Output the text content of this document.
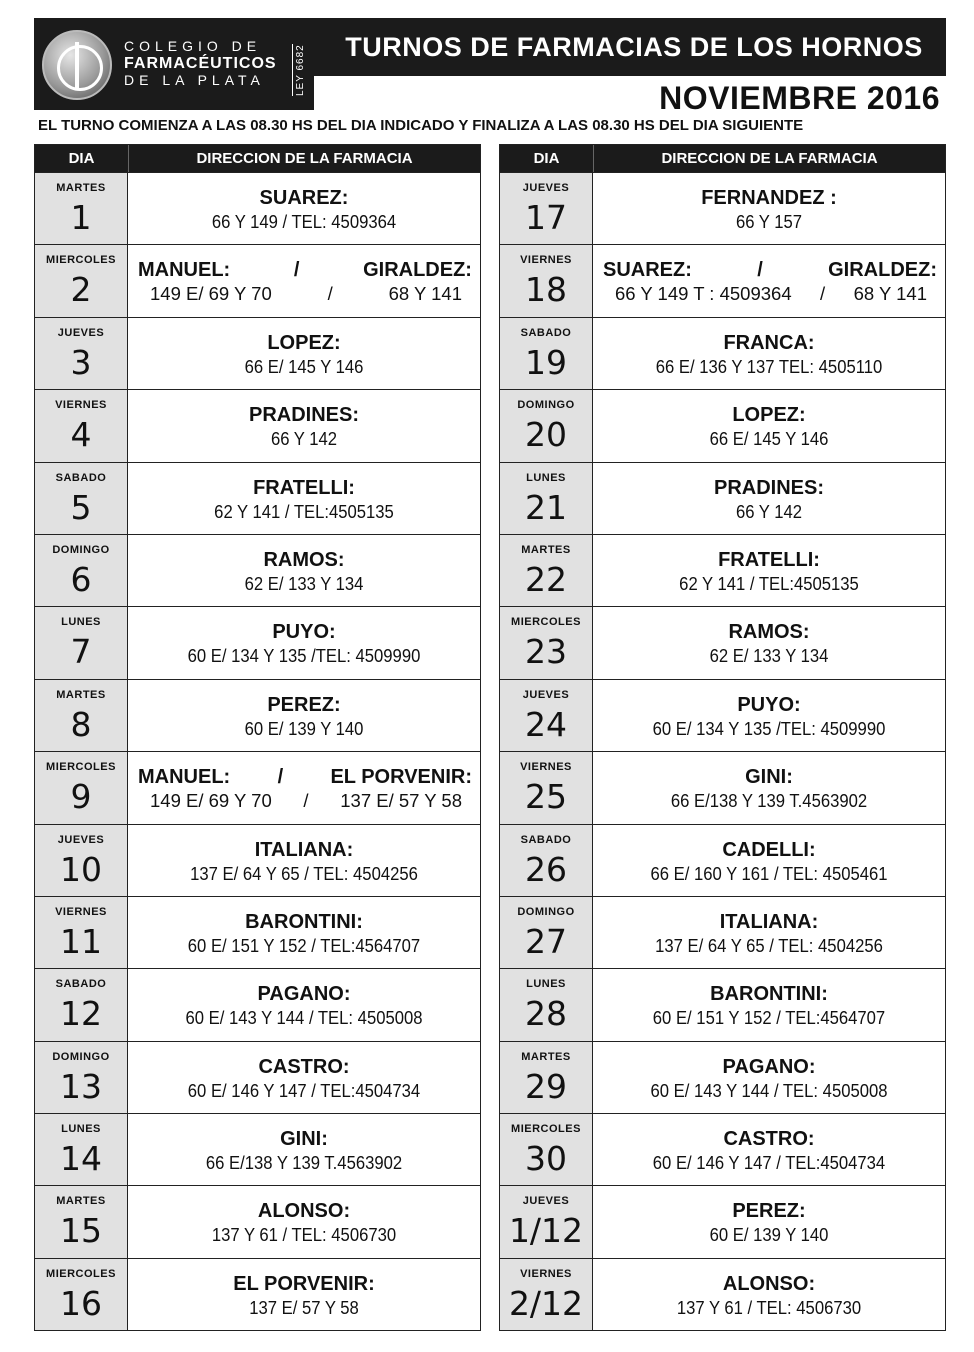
COLEGIO DE
FARMACÉUTICOS
DE LA PLATA	LEY 6682	TURNOS DE FARMACIAS DE LOS HORNOS
NOVIEMBRE 2016
EL TURNO COMIENZA A LAS 08.30 HS DEL DIA INDICADO Y FINALIZA A LAS 08.30 HS DEL DIA SIGUIENTE
DIA	DIRECCION DE LA FARMACIA
MARTES
1	SUAREZ:
66 Y 149 / TEL: 4509364
MIERCOLES
2	MANUEL:	/	GIRALDEZ:
149 E/ 69 Y 70	/	68 Y 141
JUEVES
3	LOPEZ:
66 E/ 145 Y 146
VIERNES
4	PRADINES:
66 Y 142
SABADO
5	FRATELLI:
62 Y 141 / TEL:4505135
DOMINGO
6	RAMOS:
62 E/ 133 Y 134
LUNES
7	PUYO:
60 E/ 134 Y 135 /TEL: 4509990
MARTES
8	PEREZ:
60 E/ 139 Y 140
MIERCOLES
9	MANUEL: / EL PORVENIR:
149 E/ 69 Y 70 / 137 E/ 57 Y 58
JUEVES
10	ITALIANA:
137 E/ 64 Y 65 / TEL: 4504256
VIERNES
11	BARONTINI:
60 E/ 151 Y 152 / TEL:4564707
SABADO
12	PAGANO:
60 E/ 143 Y 144 / TEL: 4505008
DOMINGO
13	CASTRO:
60 E/ 146 Y 147 / TEL:4504734
LUNES
14	GINI:
66 E/138 Y 139 T.4563902
MARTES
15	ALONSO:
137 Y 61 / TEL: 4506730
MIERCOLES
16	EL PORVENIR:
137 E/ 57 Y 58
DIA	DIRECCION DE LA FARMACIA
JUEVES
17	FERNANDEZ :
66 Y 157
VIERNES
18	SUAREZ:	/	GIRALDEZ:
66 Y 149 T : 4509364 / 68 Y 141
SABADO
19	FRANCA:
66 E/ 136 Y 137 TEL: 4505110
DOMINGO
20	LOPEZ:
66 E/ 145 Y 146
LUNES
21	PRADINES:
66 Y 142
MARTES
22	FRATELLI:
62 Y 141 / TEL:4505135
MIERCOLES
23	RAMOS:
62 E/ 133 Y 134
JUEVES
24	PUYO:
60 E/ 134 Y 135 /TEL: 4509990
VIERNES
25	GINI:
66 E/138 Y 139 T.4563902
SABADO
26	CADELLI:
66 E/ 160 Y 161 / TEL: 4505461
DOMINGO
27	ITALIANA:
137 E/ 64 Y 65 / TEL: 4504256
LUNES
28	BARONTINI:
60 E/ 151 Y 152 / TEL:4564707
MARTES
29	PAGANO:
60 E/ 143 Y 144 / TEL: 4505008
MIERCOLES
30	CASTRO:
60 E/ 146 Y 147 / TEL:4504734
JUEVES
1/12	PEREZ:
60 E/ 139 Y 140
VIERNES
2/12	ALONSO:
137 Y 61 / TEL: 4506730
